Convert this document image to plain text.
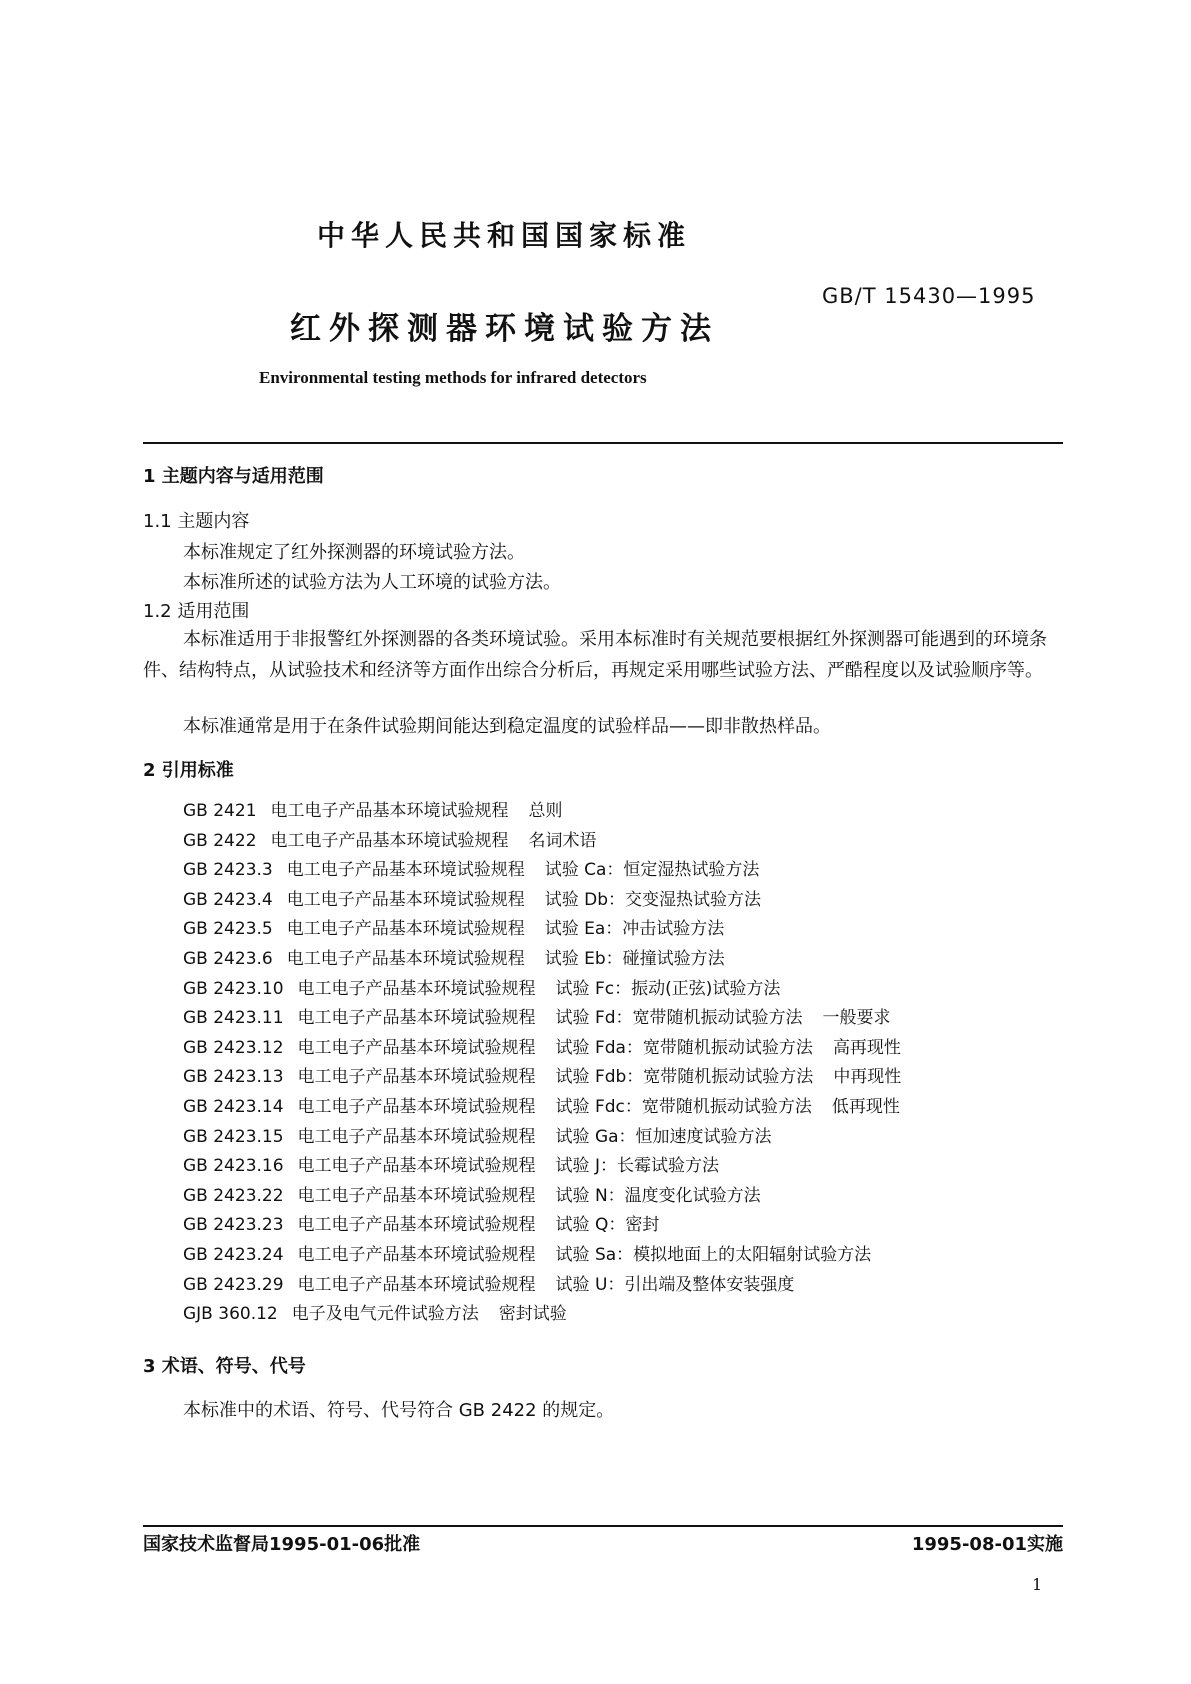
中华人民共和国国家标准
GB/T 15430—1995
红外探测器环境试验方法
Environmental testing methods for infrared detectors
1 主题内容与适用范围
1.1 主题内容
本标准规定了红外探测器的环境试验方法。
本标准所述的试验方法为人工环境的试验方法。
1.2 适用范围
本标准适用于非报警红外探测器的各类环境试验。采用本标准时有关规范要根据红外探测器可能遇到的环境条件、结构特点，从试验技术和经济等方面作出综合分析后，再规定采用哪些试验方法、严酷程度以及试验顺序等。
本标准通常是用于在条件试验期间能达到稳定温度的试验样品——即非散热样品。
2 引用标准
GB 2421 电工电子产品基本环境试验规程 总则
GB 2422 电工电子产品基本环境试验规程 名词术语
GB 2423.3 电工电子产品基本环境试验规程 试验 Ca：恒定湿热试验方法
GB 2423.4 电工电子产品基本环境试验规程 试验 Db：交变湿热试验方法
GB 2423.5 电工电子产品基本环境试验规程 试验 Ea：冲击试验方法
GB 2423.6 电工电子产品基本环境试验规程 试验 Eb：碰撞试验方法
GB 2423.10 电工电子产品基本环境试验规程 试验 Fc：振动(正弦)试验方法
GB 2423.11 电工电子产品基本环境试验规程 试验 Fd：宽带随机振动试验方法 一般要求
GB 2423.12 电工电子产品基本环境试验规程 试验 Fda：宽带随机振动试验方法 高再现性
GB 2423.13 电工电子产品基本环境试验规程 试验 Fdb：宽带随机振动试验方法 中再现性
GB 2423.14 电工电子产品基本环境试验规程 试验 Fdc：宽带随机振动试验方法 低再现性
GB 2423.15 电工电子产品基本环境试验规程 试验 Ga：恒加速度试验方法
GB 2423.16 电工电子产品基本环境试验规程 试验 J：长霉试验方法
GB 2423.22 电工电子产品基本环境试验规程 试验 N：温度变化试验方法
GB 2423.23 电工电子产品基本环境试验规程 试验 Q：密封
GB 2423.24 电工电子产品基本环境试验规程 试验 Sa：模拟地面上的太阳辐射试验方法
GB 2423.29 电工电子产品基本环境试验规程 试验 U：引出端及整体安装强度
GJB 360.12 电子及电气元件试验方法 密封试验
3 术语、符号、代号
本标准中的术语、符号、代号符合 GB 2422 的规定。
国家技术监督局1995-01-06批准	1995-08-01实施
1
